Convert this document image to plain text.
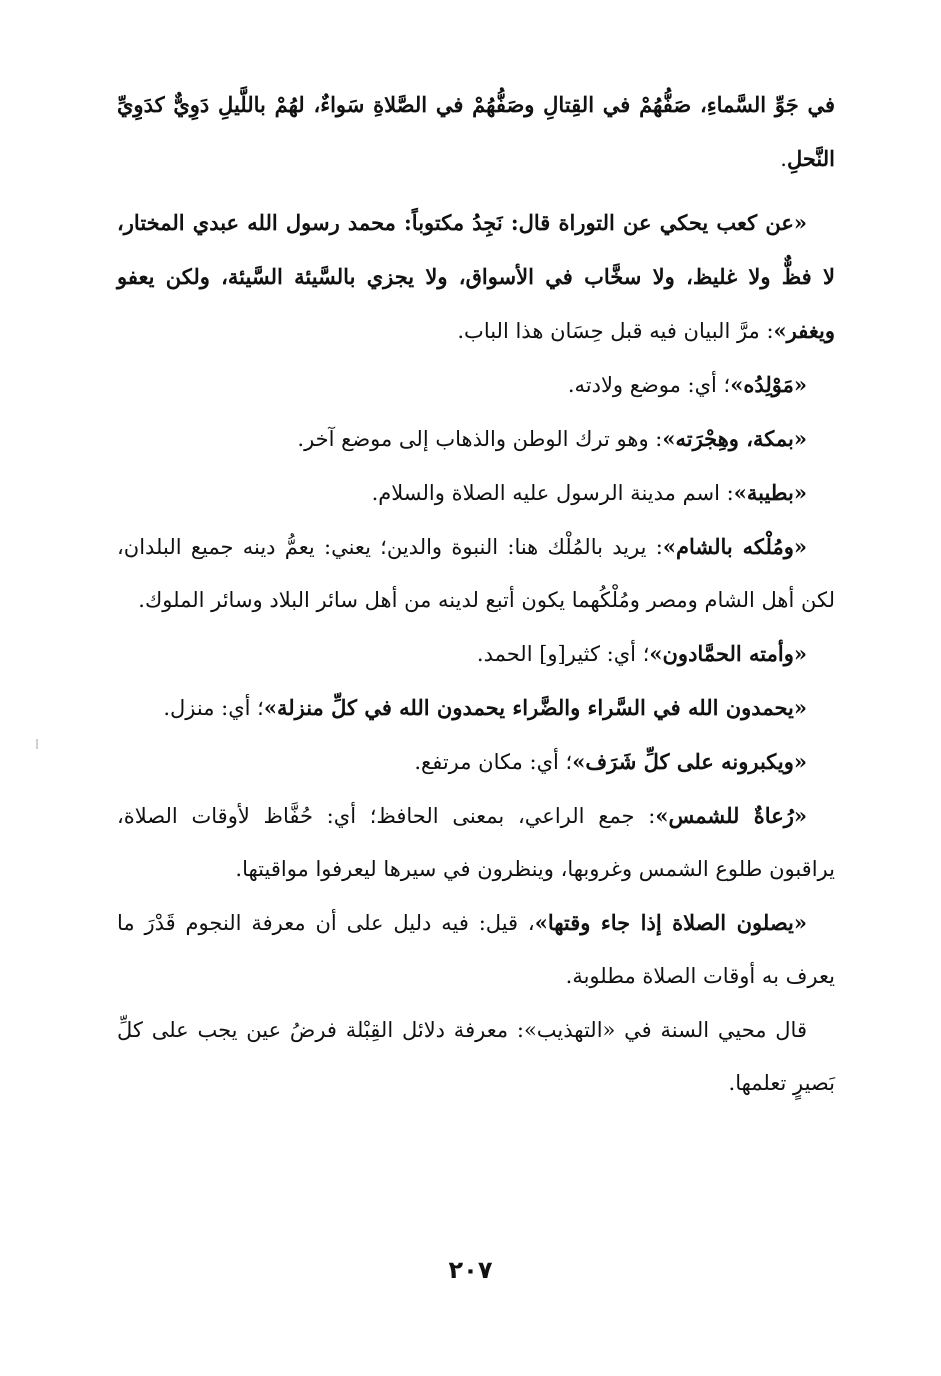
في جَوِّ السَّماءِ، صَفُّهُمْ في القِتالِ وصَفُّهُمْ في الصَّلاةِ سَواءٌ، لهُمْ باللَّيلِ دَوِيٌّ كدَوِيِّ النَّحلِ.

«عن كعب يحكي عن التوراة قال: نَجِدُ مكتوباً: محمد رسول الله عبدي المختار، لا فظٌّ ولا غليظ، ولا سخَّاب في الأسواق، ولا يجزي بالسَّيئة السَّيئة، ولكن يعفو ويغفر»: مرَّ البيان فيه قبل حِسَان هذا الباب.

«مَوْلِدُه»؛ أي: موضع ولادته.

«بمكة، وهِجْرَته»: وهو ترك الوطن والذهاب إلى موضع آخر.

«بطيبة»: اسم مدينة الرسول عليه الصلاة والسلام.

«ومُلْكه بالشام»: يريد بالمُلْك هنا: النبوة والدين؛ يعني: يعمُّ دينه جميع البلدان، لكن أهل الشام ومصر ومُلْكُهما يكون أتبع لدينه من أهل سائر البلاد وسائر الملوك.

«وأمته الحمَّادون»؛ أي: كثير[و] الحمد.

«يحمدون الله في السَّراء والضَّراء يحمدون الله في كلِّ منزلة»؛ أي: منزل.

«ويكبرونه على كلِّ شَرَف»؛ أي: مكان مرتفع.

«رُعاةٌ للشمس»: جمع الراعي، بمعنى الحافظ؛ أي: حُفَّاظ لأوقات الصلاة، يراقبون طلوع الشمس وغروبها، وينظرون في سيرها ليعرفوا مواقيتها.

«يصلون الصلاة إذا جاء وقتها»، قيل: فيه دليل على أن معرفة النجوم قَدْرَ ما يعرف به أوقات الصلاة مطلوبة.

قال محيي السنة في «التهذيب»: معرفة دلائل القِبْلة فرضُ عين يجب على كلِّ بَصيرٍ تعلمها.

٢٠٧
